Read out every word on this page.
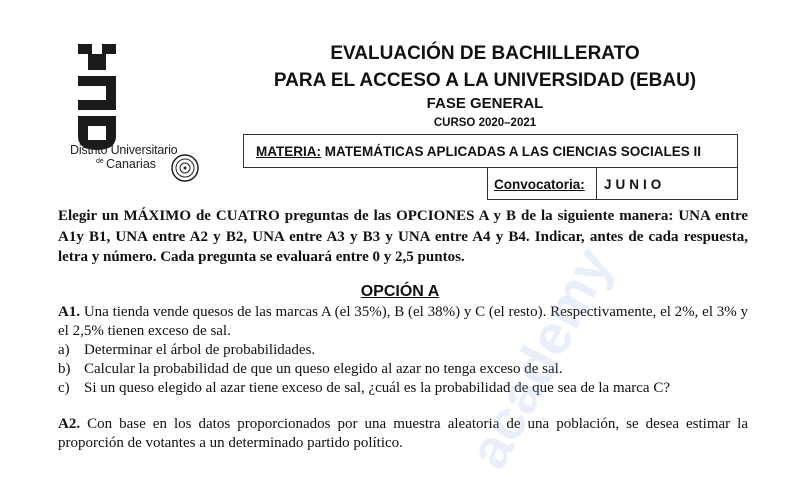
Distrito Universitario
de Canarias
EVALUACIÓN DE BACHILLERATO
PARA EL ACCESO A LA UNIVERSIDAD (EBAU)
FASE GENERAL
CURSO 2020–2021
MATERIA: MATEMÁTICAS APLICADAS A LAS CIENCIAS SOCIALES II
Convocatoria: JUNIO
Elegir un MÁXIMO de CUATRO preguntas de las OPCIONES A y B de la siguiente manera: UNA entre A1y B1, UNA entre A2 y B2, UNA entre A3 y B3 y UNA entre A4 y B4. Indicar, antes de cada respuesta, letra y número. Cada pregunta se evaluará entre 0 y 2,5 puntos.
OPCIÓN A
A1. Una tienda vende quesos de las marcas A (el 35%), B (el 38%) y C (el resto). Respectivamente, el 2%, el 3% y el 2,5% tienen exceso de sal.
a) Determinar el árbol de probabilidades.
b) Calcular la probabilidad de que un queso elegido al azar no tenga exceso de sal.
c) Si un queso elegido al azar tiene exceso de sal, ¿cuál es la probabilidad de que sea de la marca C?
A2. Con base en los datos proporcionados por una muestra aleatoria de una población, se desea estimar la proporción de votantes a un determinado partido político. academy
